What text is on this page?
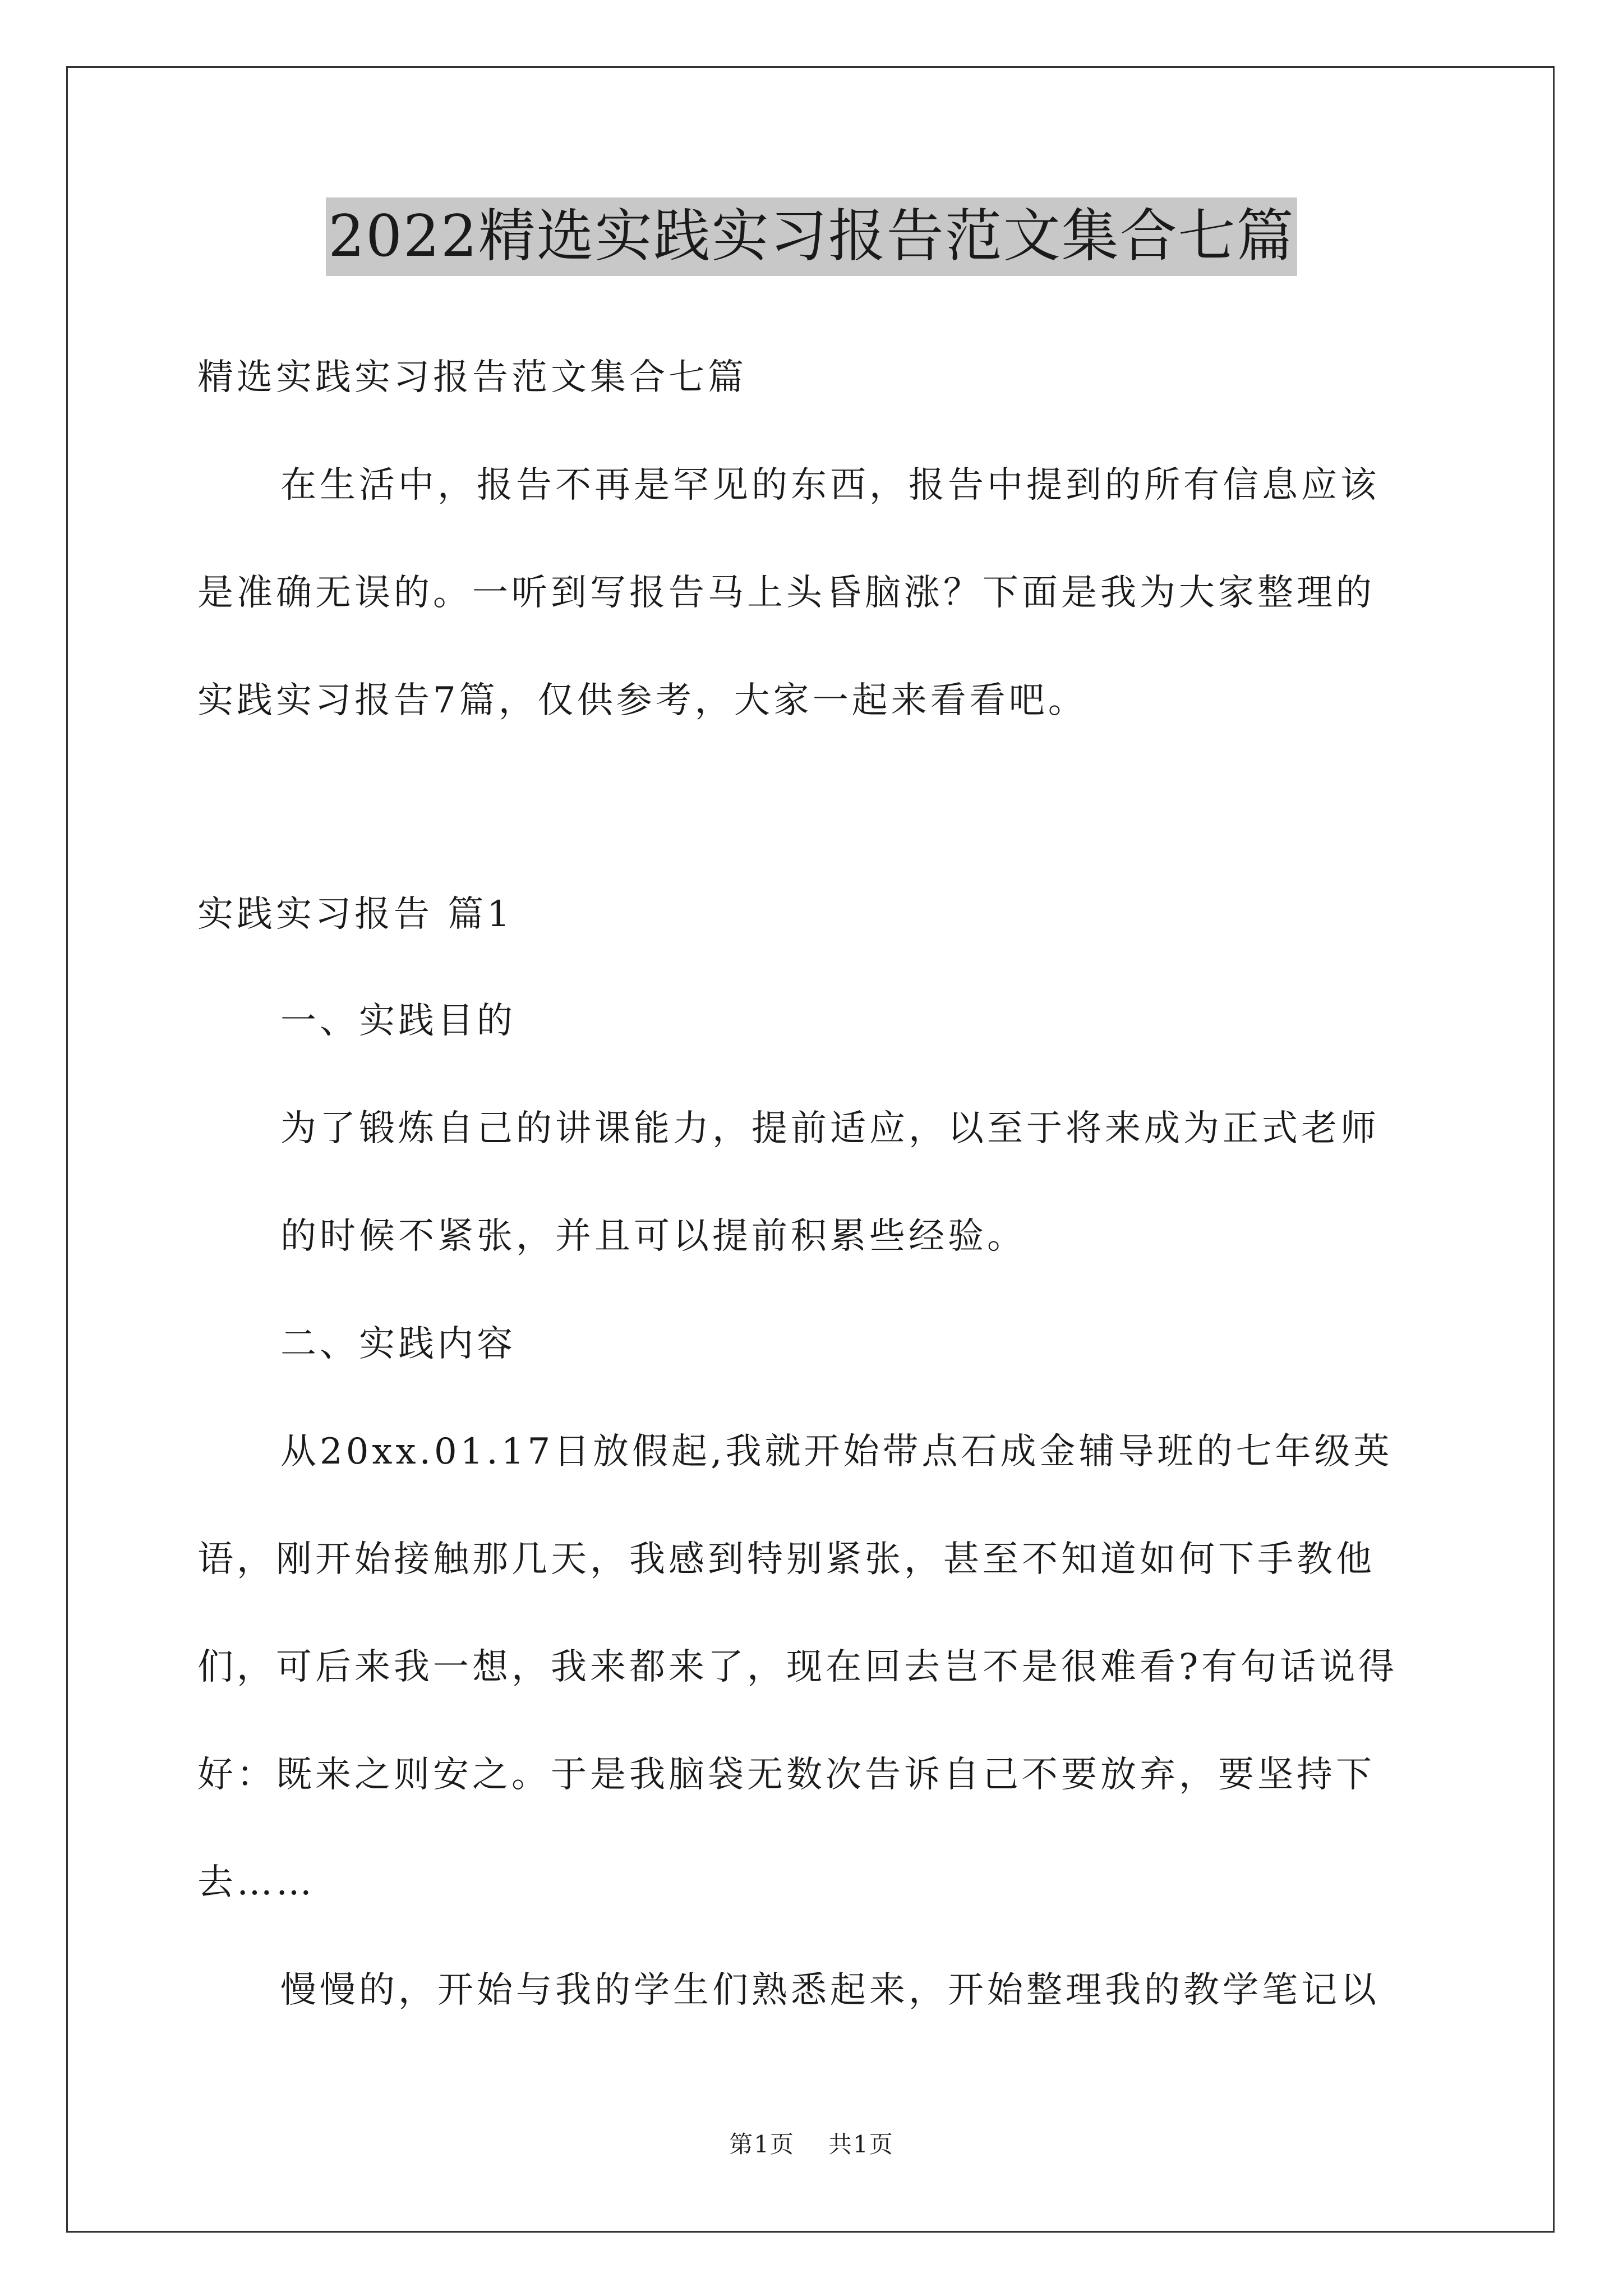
2022精选实践实习报告范文集合七篇
精选实践实习报告范文集合七篇
在生活中，报告不再是罕见的东西，报告中提到的所有信息应该
是准确无误的。一听到写报告马上头昏脑涨？下面是我为大家整理的
实践实习报告7篇，仅供参考，大家一起来看看吧。
实践实习报告 篇1
一、实践目的
为了锻炼自己的讲课能力，提前适应，以至于将来成为正式老师
的时候不紧张，并且可以提前积累些经验。
二、实践内容
从20xx.01.17日放假起,我就开始带点石成金辅导班的七年级英
语，刚开始接触那几天，我感到特别紧张，甚至不知道如何下手教他
们，可后来我一想，我来都来了，现在回去岂不是很难看?有句话说得
好：既来之则安之。于是我脑袋无数次告诉自己不要放弃，要坚持下
去……
慢慢的，开始与我的学生们熟悉起来，开始整理我的教学笔记以
第1页 共1页
